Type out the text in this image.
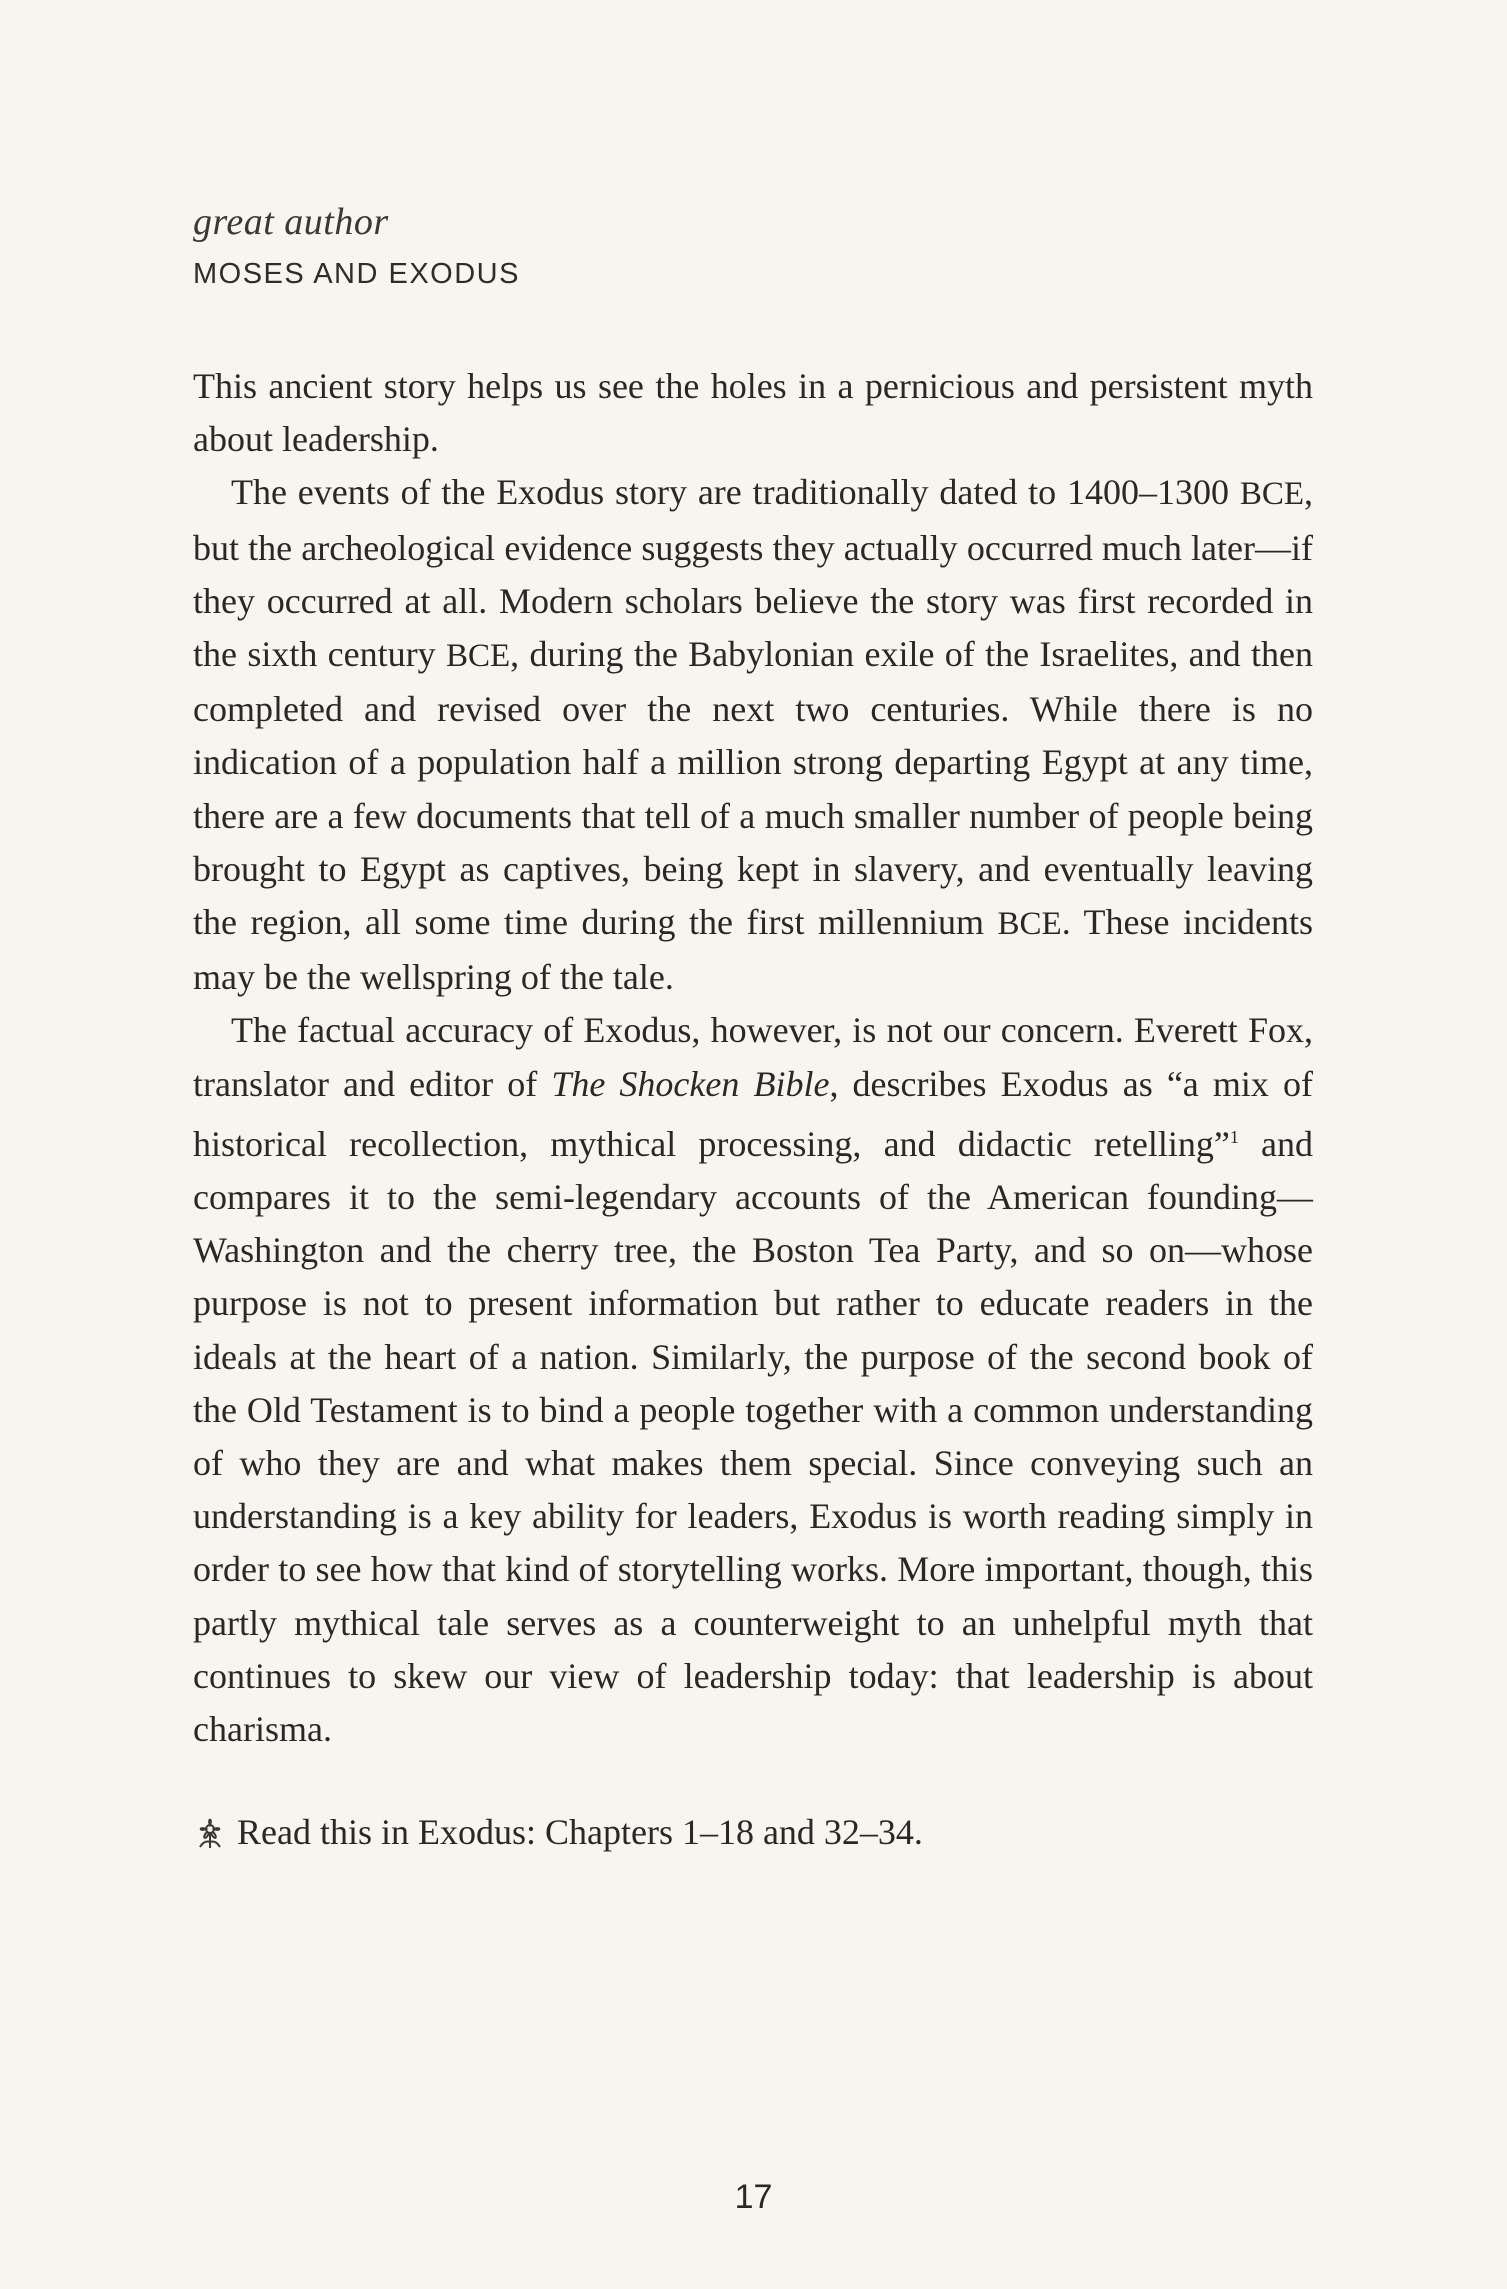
great author
MOSES AND EXODUS

This ancient story helps us see the holes in a pernicious and persistent myth about leadership.

The events of the Exodus story are traditionally dated to 1400–1300 BCE, but the archeological evidence suggests they actually occurred much later—if they occurred at all. Modern scholars believe the story was first recorded in the sixth century BCE, during the Babylonian exile of the Israelites, and then completed and revised over the next two centuries. While there is no indication of a population half a million strong departing Egypt at any time, there are a few documents that tell of a much smaller number of people being brought to Egypt as captives, being kept in slavery, and eventually leaving the region, all some time during the first millennium BCE. These incidents may be the wellspring of the tale.

The factual accuracy of Exodus, however, is not our concern. Everett Fox, translator and editor of The Shocken Bible, describes Exodus as “a mix of historical recollection, mythical processing, and didactic retelling”$^1$ and compares it to the semi-legendary accounts of the American founding—Washington and the cherry tree, the Boston Tea Party, and so on—whose purpose is not to present information but rather to educate readers in the ideals at the heart of a nation. Similarly, the purpose of the second book of the Old Testament is to bind a people together with a common understanding of who they are and what makes them special. Since conveying such an understanding is a key ability for leaders, Exodus is worth reading simply in order to see how that kind of storytelling works. More important, though, this partly mythical tale serves as a counterweight to an unhelpful myth that continues to skew our view of leadership today: that leadership is about charisma.

Read this in Exodus: Chapters 1–18 and 32–34.
17
